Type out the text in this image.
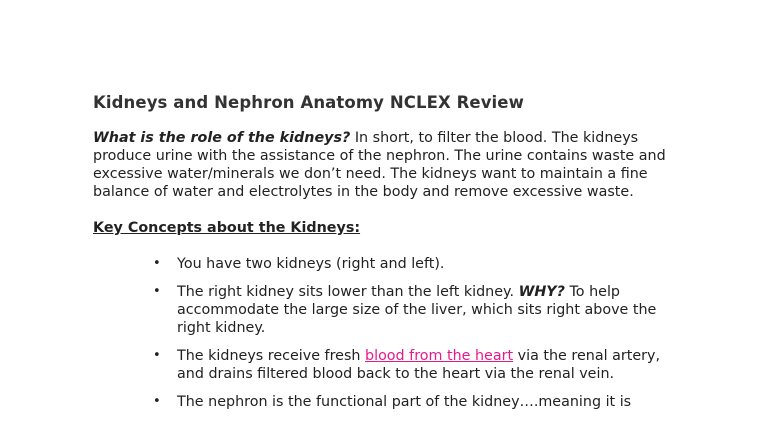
Kidneys and Nephron Anatomy NCLEX Review

What is the role of the kidneys? In short, to filter the blood. The kidneys produce urine with the assistance of the nephron. The urine contains waste and excessive water/minerals we don’t need. The kidneys want to maintain a fine balance of water and electrolytes in the body and remove excessive waste.

Key Concepts about the Kidneys:
• You have two kidneys (right and left).
• The right kidney sits lower than the left kidney. WHY? To help accommodate the large size of the liver, which sits right above the right kidney.
• The kidneys receive fresh blood from the heart via the renal artery, and drains filtered blood back to the heart via the renal vein.
• The nephron is the functional part of the kidney….meaning it is
